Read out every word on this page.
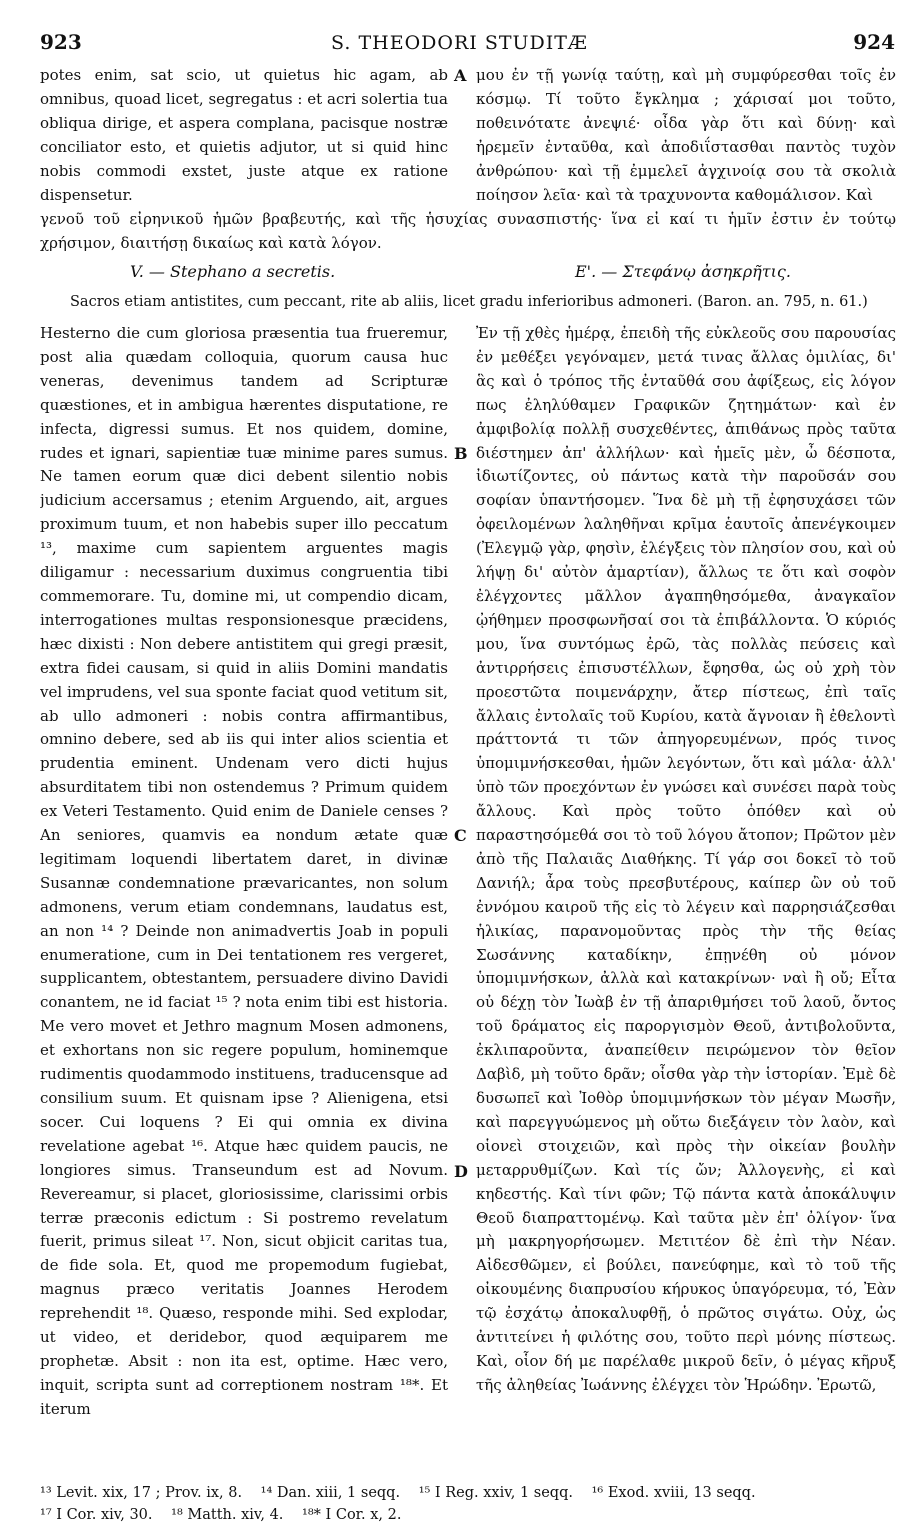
923	S. THEODORI STUDITÆ	924

potes enim, sat scio, ut quietus hic agam, ab omnibus, quoad licet, segregatus : et acri solertia tua obliqua dirige, et aspera complana, pacisque nostræ conciliator esto, et quietis adjutor, ut si quid hinc nobis commodi exstet, juste atque ex ratione dispensetur.

μου ἐν τῇ γωνίᾳ ταύτῃ, καὶ μὴ συμφύρεσθαι τοῖς ἐν κόσμῳ. Τί τοῦτο ἔγκλημα ; χάρισαί μοι τοῦτο, ποθεινότατε ἀνεψιέ· οἶδα γὰρ ὅτι καὶ δύνῃ· καὶ ἠρεμεῖν ἐνταῦθα, καὶ ἀποδιΐστασθαι παντὸς τυχὸν ἀνθρώπου· καὶ τῇ ἐμμελεῖ ἀγχινοίᾳ σου τὰ σκολιὰ ποίησον λεῖα· καὶ τὰ τραχυνοντα καθομάλισον. Καὶ

γενοῦ τοῦ εἰρηνικοῦ ἡμῶν βραβευτής, καὶ τῆς ἡσυχίας συνασπιστής· ἵνα εἰ καί τι ἡμῖν ἐστιν ἐν τούτῳ χρήσιμον, διαιτήσῃ δικαίως καὶ κατὰ λόγον.
V. — Stephano a secretis.	Ε'. — Στεφάνῳ ἀσηκρῆτις.
Sacros etiam antistites, cum peccant, rite ab aliis, licet gradu inferioribus admoneri. (Baron. an. 795, n. 61.)

Hesterno die cum gloriosa præsentia tua frueremur, post alia quædam colloquia, quorum causa huc veneras, devenimus tandem ad Scripturæ quæstiones, et in ambigua hærentes disputatione, re infecta, digressi sumus. Et nos quidem, domine, rudes et ignari, sapientiæ tuæ minime pares sumus. Ne tamen eorum quæ dici debent silentio nobis judicium accersamus ; etenim Arguendo, ait, argues proximum tuum, et non habebis super illo peccatum ¹³, maxime cum sapientem arguentes magis diligamur : necessarium duximus congruentia tibi commemorare. Tu, domine mi, ut compendio dicam, interrogationes multas responsionesque præcidens, hæc dixisti : Non debere antistitem qui gregi præsit, extra fidei causam, si quid in aliis Domini mandatis vel imprudens, vel sua sponte faciat quod vetitum sit, ab ullo admoneri : nobis contra affirmantibus, omnino debere, sed ab iis qui inter alios scientia et prudentia eminent. Undenam vero dicti hujus absurditatem tibi non ostendemus ? Primum quidem ex Veteri Testamento. Quid enim de Daniele censes ? An seniores, quamvis ea nondum ætate quæ legitimam loquendi libertatem daret, in divinæ Susannæ condemnatione prævaricantes, non solum admonens, verum etiam condemnans, laudatus est, an non ¹⁴ ? Deinde non animadvertis Joab in populi enumeratione, cum in Dei tentationem res vergeret, supplicantem, obtestantem, persuadere divino Davidi conantem, ne id faciat ¹⁵ ? nota enim tibi est historia. Me vero movet et Jethro magnum Mosen admonens, et exhortans non sic regere populum, hominemque rudimentis quodammodo instituens, traducensque ad consilium suum. Et quisnam ipse ? Alienigena, etsi socer. Cui loquens ? Ei qui omnia ex divina revelatione agebat ¹⁶. Atque hæc quidem paucis, ne longiores simus. Transeundum est ad Novum. Revereamur, si placet, gloriosissime, clarissimi orbis terræ præconis edictum : Si postremo revelatum fuerit, primus sileat ¹⁷. Non, sicut objicit caritas tua, de fide sola. Et, quod me propemodum fugiebat, magnus præco veritatis Joannes Herodem reprehendit ¹⁸. Quæso, responde mihi. Sed explodar, ut video, et deridebor, quod æquiparem me prophetæ. Absit : non ita est, optime. Hæc vero, inquit, scripta sunt ad correptionem nostram ¹⁸*. Et iterum

Ἐν τῇ χθὲς ἡμέρᾳ, ἐπειδὴ τῆς εὐκλεοῦς σου παρουσίας ἐν μεθέξει γεγόναμεν, μετά τινας ἄλλας ὁμιλίας, δι' ἃς καὶ ὁ τρόπος τῆς ἐνταῦθά σου ἀφίξεως, εἰς λόγον πως ἐληλύθαμεν Γραφικῶν ζητημάτων· καὶ ἐν ἀμφιβολίᾳ πολλῇ συσχεθέντες, ἀπιθάνως πρὸς ταῦτα διέστημεν ἀπ' ἀλλήλων· καὶ ἡμεῖς μὲν, ὦ δέσποτα, ἰδιωτίζοντες, οὐ πάντως κατὰ τὴν παροῦσάν σου σοφίαν ὑπαντήσομεν. Ἵνα δὲ μὴ τῇ ἐφησυχάσει τῶν ὀφειλομένων λαληθῆναι κρῖμα ἑαυτοῖς ἀπενέγκοιμεν (Ἐλεγμῷ γὰρ, φησὶν, ἐλέγξεις τὸν πλησίον σου, καὶ οὐ λήψῃ δι' αὐτὸν ἁμαρτίαν), ἄλλως τε ὅτι καὶ σοφὸν ἐλέγχοντες μᾶλλον ἀγαπηθησόμεθα, ἀναγκαῖον ᾠήθημεν προσφωνῆσαί σοι τὰ ἐπιβάλλοντα. Ὁ κύριός μου, ἵνα συντόμως ἐρῶ, τὰς πολλὰς πεύσεις καὶ ἀντιρρήσεις ἐπισυστέλλων, ἔφησθα, ὡς οὐ χρὴ τὸν προεστῶτα ποιμενάρχην, ἄτερ πίστεως, ἐπὶ ταῖς ἄλλαις ἐντολαῖς τοῦ Κυρίου, κατὰ ἄγνοιαν ἢ ἐθελοντὶ πράττοντά τι τῶν ἀπηγορευμένων, πρός τινος ὑπομιμνήσκεσθαι, ἡμῶν λεγόντων, ὅτι καὶ μάλα· ἀλλ' ὑπὸ τῶν προεχόντων ἐν γνώσει καὶ συνέσει παρὰ τοὺς ἄλλους. Καὶ πρὸς τοῦτο ὁπόθεν καὶ οὐ παραστησόμεθά σοι τὸ τοῦ λόγου ἄτοπον; Πρῶτον μὲν ἀπὸ τῆς Παλαιᾶς Διαθήκης. Τί γάρ σοι δοκεῖ τὸ τοῦ Δανιήλ; ἆρα τοὺς πρεσβυτέρους, καίπερ ὢν οὐ τοῦ ἐννόμου καιροῦ τῆς εἰς τὸ λέγειν καὶ παρρησιάζεσθαι ἡλικίας, παρανομοῦντας πρὸς τὴν τῆς θείας Σωσάννης καταδίκην, ἐπῃνέθη οὐ μόνον ὑπομιμνήσκων, ἀλλὰ καὶ κατακρίνων· ναὶ ἢ οὔ; Εἶτα οὐ δέχῃ τὸν Ἰωὰβ ἐν τῇ ἀπαριθμήσει τοῦ λαοῦ, ὄντος τοῦ δράματος εἰς παροργισμὸν Θεοῦ, ἀντιβολοῦντα, ἐκλιπαροῦντα, ἀναπείθειν πειρώμενον τὸν θεῖον Δαβὶδ, μὴ τοῦτο δρᾶν; οἶσθα γὰρ τὴν ἱστορίαν. Ἐμὲ δὲ δυσωπεῖ καὶ Ἰοθὸρ ὑπομιμνήσκων τὸν μέγαν Μωσῆν, καὶ παρεγγυώμενος μὴ οὕτω διεξάγειν τὸν λαὸν, καὶ οἱονεὶ στοιχειῶν, καὶ πρὸς τὴν οἰκείαν βουλὴν μεταρρυθμίζων. Καὶ τίς ὤν; Ἀλλογενὴς, εἰ καὶ κηδεστής. Καὶ τίνι φῶν; Τῷ πάντα κατὰ ἀποκάλυψιν Θεοῦ διαπραττομένῳ. Καὶ ταῦτα μὲν ἐπ' ὀλίγον· ἵνα μὴ μακρηγορήσωμεν. Μετιτέον δὲ ἐπὶ τὴν Νέαν. Αἰδεσθῶμεν, εἰ βούλει, πανεύφημε, καὶ τὸ τοῦ τῆς οἰκουμένης διαπρυσίου κήρυκος ὑπαγόρευμα, τό, Ἐὰν τῷ ἐσχάτῳ ἀποκαλυφθῇ, ὁ πρῶτος σιγάτω. Οὐχ, ὡς ἀντιτείνει ἡ φιλότης σου, τοῦτο περὶ μόνης πίστεως. Καὶ, οἷον δή με παρέλαθε μικροῦ δεῖν, ὁ μέγας κῆρυξ τῆς ἀληθείας Ἰωάννης ἐλέγχει τὸν Ἡρώδην. Ἐρωτῶ,

A
B
C
D
¹³ Levit. xix, 17 ; Prov. ix, 8. ¹⁴ Dan. xiii, 1 seqq. ¹⁵ I Reg. xxiv, 1 seqq. ¹⁶ Exod. xviii, 13 seqq.
¹⁷ I Cor. xiv, 30. ¹⁸ Matth. xiv, 4. ¹⁸* I Cor. x, 2.
